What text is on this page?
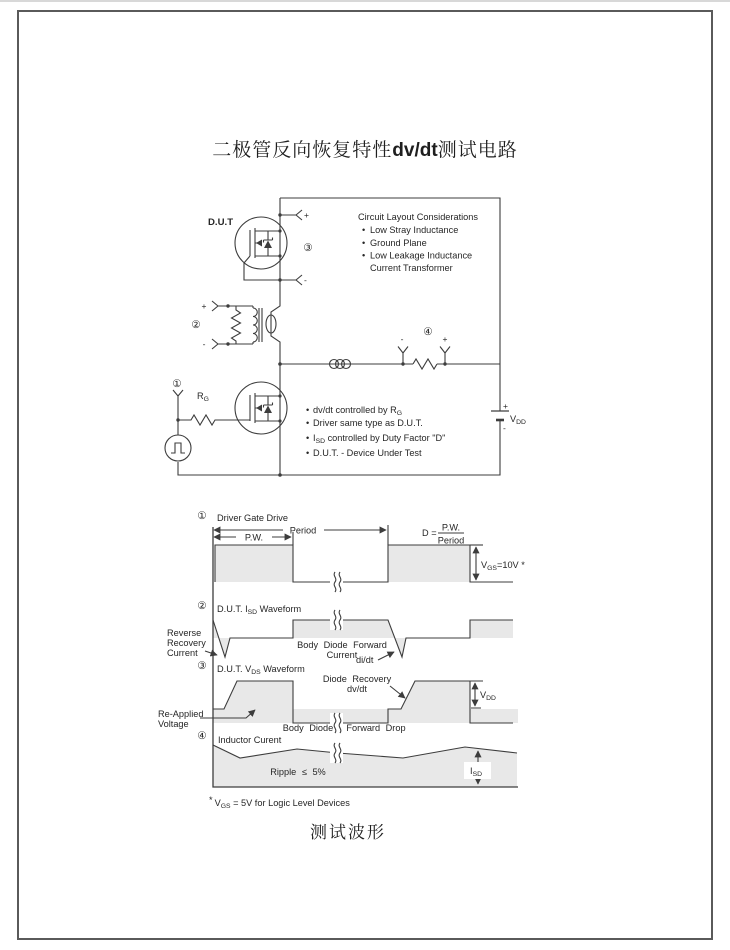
二极管反向恢复特性dv/dt测试电路
D.U.T
+
-
③
+
-
②
$R_G$
①
-	+
④
+
-
$V_{DD}$
Circuit Layout Considerations
• Low Stray Inductance
• Ground Plane
• Low Leakage Inductance
Current Transformer
• dv/dt controlled by $R_G$
• Driver same type as D.U.T.
• $I_{SD}$ controlled by Duty Factor "D"
• D.U.T. - Device Under Test
① Driver Gate Drive
Period
P.W.	D =
P.W.
Period
$V_{GS}=10V$ *
② D.U.T. $I_{SD}$ Waveform
Reverse
Recovery
Current
Body Diode Forward
Current
di/dt
③ D.U.T. $V_{DS}$ Waveform
Diode Recovery
dv/dt
Re-Applied
Voltage	Body Diode Forward Drop
$V_{DD}$
④ Inductor Curent
Ripple ≤ 5%	$I_{SD}$
* $V_{GS} = 5V$ for Logic Level Devices
测试波形
